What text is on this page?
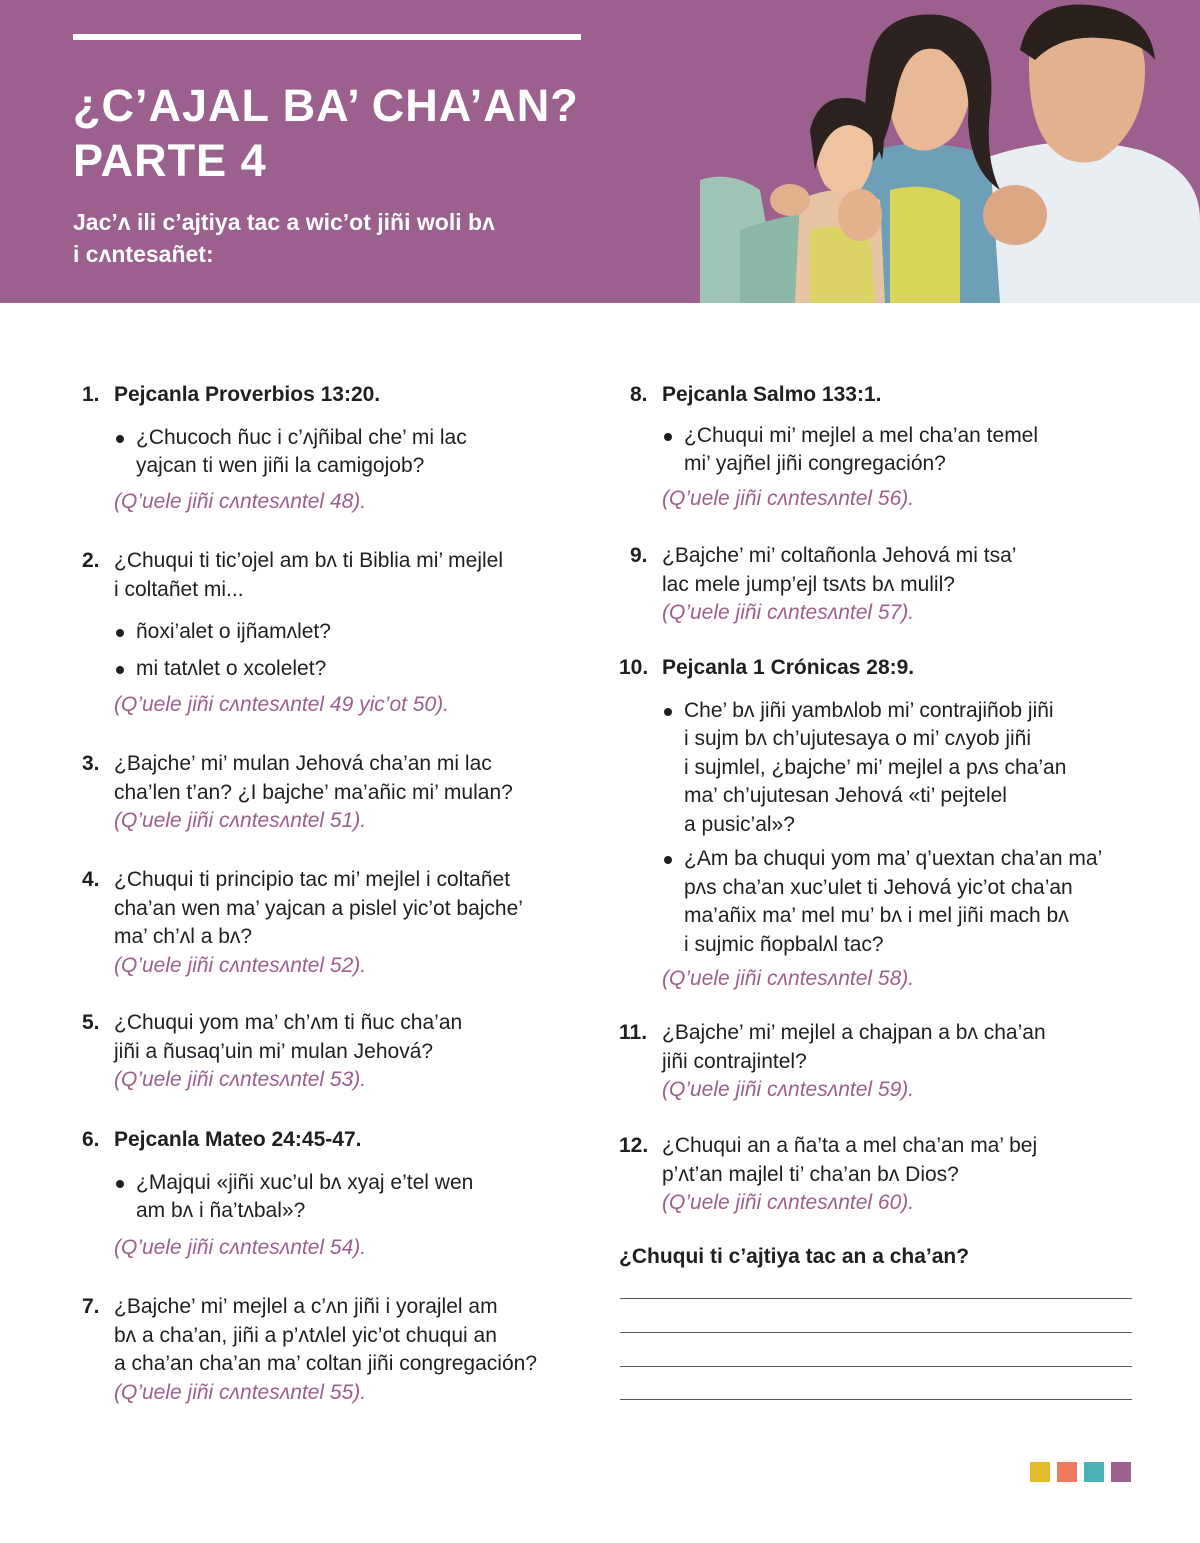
¿C’AJAL BA’ CHA’AN?
PARTE 4
Jac’ʌ ili c’ajtiya tac a wic’ot jiñi woli bʌ
i cʌntesañet:
1. Pejcanla Proverbios 13:20.
¿Chucoch ñuc i c’ʌjñibal che’ mi lac
yajcan ti wen jiñi la camigojob?
(Q’uele jiñi cʌntesʌntel 48).
2. ¿Chuqui ti tic’ojel am bʌ ti Biblia mi’ mejlel
i coltañet mi...
ñoxi’alet o ijñamʌlet?
mi tatʌlet o xcolelet?
(Q’uele jiñi cʌntesʌntel 49 yic’ot 50).
3. ¿Bajche’ mi’ mulan Jehová cha’an mi lac
cha’len t’an? ¿I bajche’ ma’añic mi’ mulan?
(Q’uele jiñi cʌntesʌntel 51).
4. ¿Chuqui ti principio tac mi’ mejlel i coltañet
cha’an wen ma’ yajcan a pislel yic’ot bajche’
ma’ ch’ʌl a bʌ?
(Q’uele jiñi cʌntesʌntel 52).
5. ¿Chuqui yom ma’ ch’ʌm ti ñuc cha’an
jiñi a ñusaq’uin mi’ mulan Jehová?
(Q’uele jiñi cʌntesʌntel 53).
6. Pejcanla Mateo 24:45-47.
¿Majqui «jiñi xuc’ul bʌ xyaj e’tel wen
am bʌ i ña’tʌbal»?
(Q’uele jiñi cʌntesʌntel 54).
7. ¿Bajche’ mi’ mejlel a c’ʌn jiñi i yorajlel am
bʌ a cha’an, jiñi a p’ʌtʌlel yic’ot chuqui an
a cha’an cha’an ma’ coltan jiñi congregación?
(Q’uele jiñi cʌntesʌntel 55).
8. Pejcanla Salmo 133:1.
¿Chuqui mi’ mejlel a mel cha’an temel
mi’ yajñel jiñi congregación?
(Q’uele jiñi cʌntesʌntel 56).
9. ¿Bajche’ mi’ coltañonla Jehová mi tsa’
lac mele jump’ejl tsʌts bʌ mulil?
(Q’uele jiñi cʌntesʌntel 57).
10. Pejcanla 1 Crónicas 28:9.
Che’ bʌ jiñi yambʌlob mi’ contrajiñob jiñi
i sujm bʌ ch’ujutesaya o mi’ cʌyob jiñi
i sujmlel, ¿bajche’ mi’ mejlel a pʌs cha’an
ma’ ch’ujutesan Jehová «ti’ pejtelel
a pusic’al»?
¿Am ba chuqui yom ma’ q’uextan cha’an ma’
pʌs cha’an xuc’ulet ti Jehová yic’ot cha’an
ma’añix ma’ mel mu’ bʌ i mel jiñi mach bʌ
i sujmic ñopbalʌl tac?
(Q’uele jiñi cʌntesʌntel 58).
11. ¿Bajche’ mi’ mejlel a chajpan a bʌ cha’an
jiñi contrajintel?
(Q’uele jiñi cʌntesʌntel 59).
12. ¿Chuqui an a ña’ta a mel cha’an ma’ bej
p’ʌt’an majlel ti’ cha’an bʌ Dios?
(Q’uele jiñi cʌntesʌntel 60).
¿Chuqui ti c’ajtiya tac an a cha’an?
